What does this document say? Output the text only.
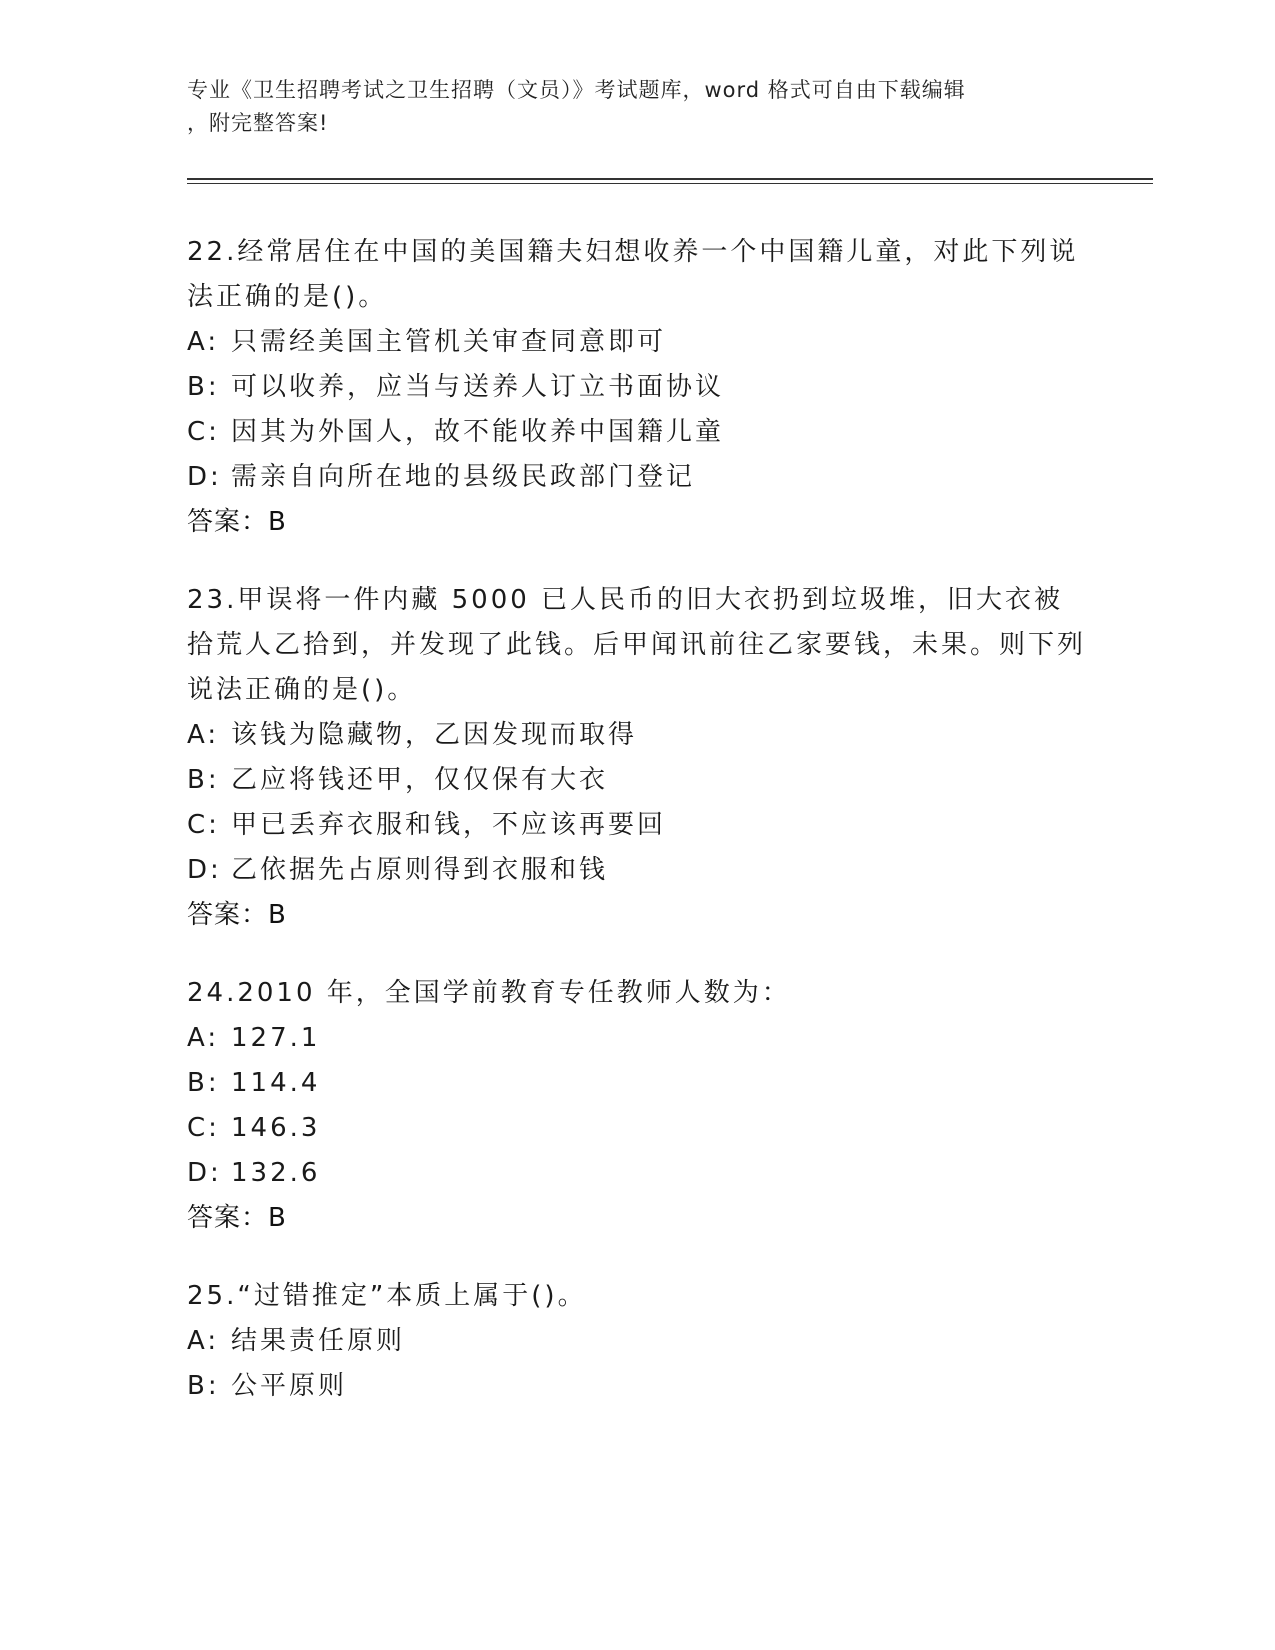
专业《卫生招聘考试之卫生招聘（文员）》考试题库，word 格式可自由下载编辑
，附完整答案!
22.经常居住在中国的美国籍夫妇想收养一个中国籍儿童，对此下列说法正确的是()。
A: 只需经美国主管机关审查同意即可
B: 可以收养，应当与送养人订立书面协议
C: 因其为外国人，故不能收养中国籍儿童
D: 需亲自向所在地的县级民政部门登记
答案：B
23.甲误将一件内藏 5000 已人民币的旧大衣扔到垃圾堆，旧大衣被拾荒人乙拾到，并发现了此钱。后甲闻讯前往乙家要钱，未果。则下列说法正确的是()。
A: 该钱为隐藏物，乙因发现而取得
B: 乙应将钱还甲，仅仅保有大衣
C: 甲已丢弃衣服和钱，不应该再要回
D: 乙依据先占原则得到衣服和钱
答案：B
24.2010 年，全国学前教育专任教师人数为：
A: 127.1
B: 114.4
C: 146.3
D: 132.6
答案：B
25.“过错推定”本质上属于()。
A: 结果责任原则
B: 公平原则
